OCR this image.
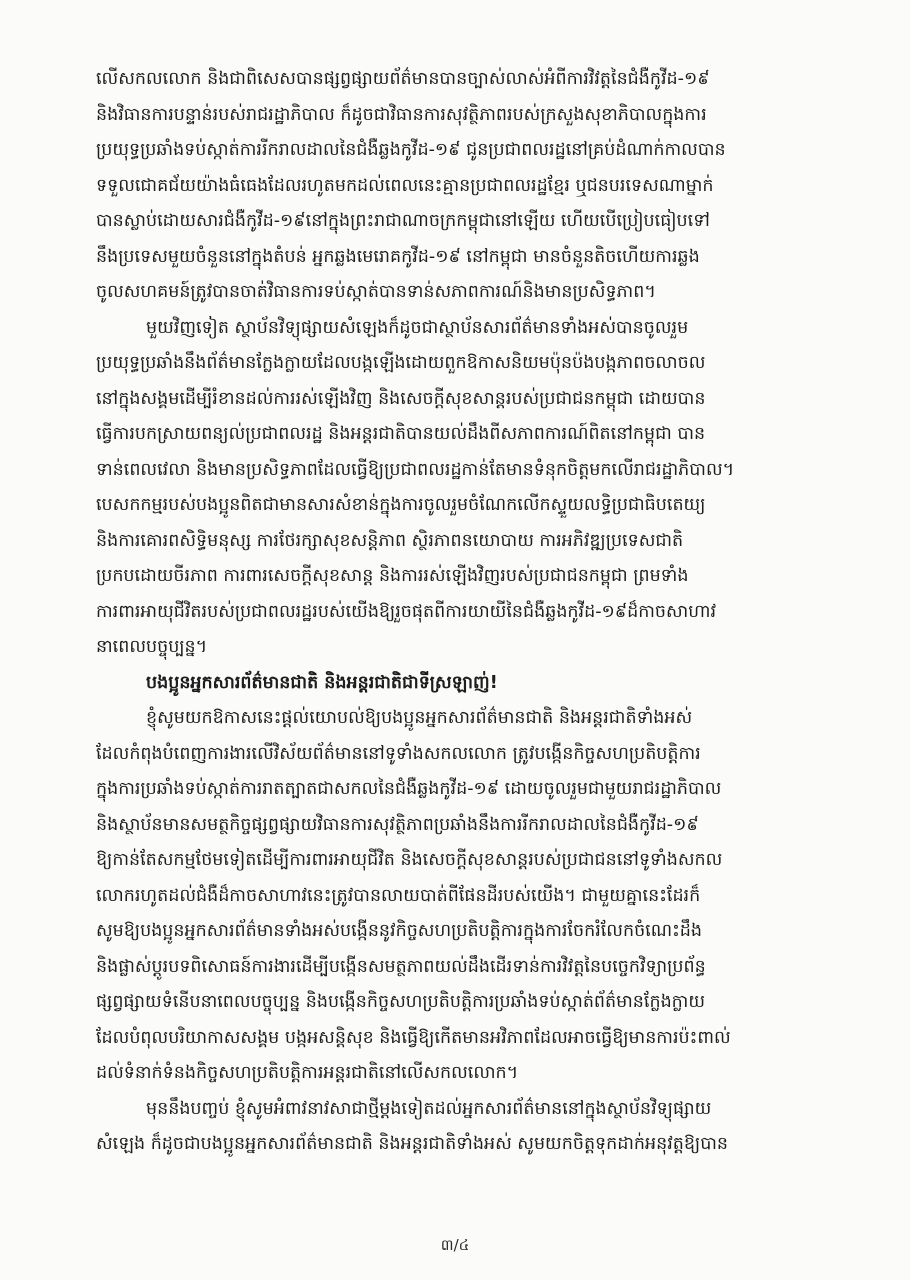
លើសកលលោក និងជាពិសេសបានផ្សព្វផ្សាយព័ត៌មានបានច្បាស់លាស់អំពីការវិវត្តនៃជំងឺកូវីដ-១៩
និងវិធានការបន្ទាន់របស់រាជរដ្ឋាភិបាល ក៏ដូចជាវិធានការសុវត្ថិភាពរបស់ក្រសួងសុខាភិបាលក្នុងការ
ប្រយុទ្ធប្រឆាំងទប់ស្កាត់ការរីករាលដាលនៃជំងឺឆ្លងកូវីដ-១៩ ជូនប្រជាពលរដ្ឋនៅគ្រប់ដំណាក់កាលបាន
ទទួលជោគជ័យយ៉ាងធំធេងដែលរហូតមកដល់ពេលនេះគ្មានប្រជាពលរដ្ឋខ្មែរ ឬជនបរទេសណាម្នាក់
បានស្លាប់ដោយសារជំងឺកូវីដ-១៩នៅក្នុងព្រះរាជាណាចក្រកម្ពុជានៅឡើយ ហើយបើប្រៀបធៀបទៅ
នឹងប្រទេសមួយចំនួននៅក្នុងតំបន់ អ្នកឆ្លងមេរោគកូវីដ-១៩ នៅកម្ពុជា មានចំនួនតិចហើយការឆ្លង
ចូលសហគមន៍ត្រូវបានចាត់វិធានការទប់ស្កាត់បានទាន់សភាពការណ៍និងមានប្រសិទ្ធភាព។
មួយវិញទៀត ស្ថាប័នវិទ្យុផ្សាយសំឡេងក៏ដូចជាស្ថាប័នសារព័ត៌មានទាំងអស់បានចូលរួម
ប្រយុទ្ធប្រឆាំងនឹងព័ត៌មានក្លែងក្លាយដែលបង្កឡើងដោយពួកឱកាសនិយមប៉ុនប៉ងបង្កភាពចលាចល
នៅក្នុងសង្គមដើម្បីរំខានដល់ការរស់ឡើងវិញ និងសេចក្តីសុខសាន្តរបស់ប្រជាជនកម្ពុជា ដោយបាន
ធ្វើការបកស្រាយពន្យល់ប្រជាពលរដ្ឋ និងអន្តរជាតិបានយល់ដឹងពីសភាពការណ៍ពិតនៅកម្ពុជា បាន
ទាន់ពេលវេលា និងមានប្រសិទ្ធភាពដែលធ្វើឱ្យប្រជាពលរដ្ឋកាន់តែមានទំនុកចិត្តមកលើរាជរដ្ឋាភិបាល។
បេសកកម្មរបស់បងប្អូនពិតជាមានសារសំខាន់ក្នុងការចូលរួមចំណែកលើកស្ទួយលទ្ធិប្រជាធិបតេយ្យ
និងការគោរពសិទ្ធិមនុស្ស ការថែរក្សាសុខសន្តិភាព ស្ថិរភាពនយោបាយ ការអភិវឌ្ឍប្រទេសជាតិ
ប្រកបដោយចីរភាព ការពារសេចក្តីសុខសាន្ត និងការរស់ឡើងវិញរបស់ប្រជាជនកម្ពុជា ព្រមទាំង
ការពារអាយុជីវិតរបស់ប្រជាពលរដ្ឋរបស់យើងឱ្យរួចផុតពីការយាយីនៃជំងឺឆ្លងកូវីដ-១៩ដ៏កាចសាហាវ
នាពេលបច្ចុប្បន្ន។
បងប្អូនអ្នកសារព័ត៌មានជាតិ និងអន្តរជាតិជាទីស្រឡាញ់!
ខ្ញុំសូមយកឱកាសនេះផ្តល់យោបល់ឱ្យបងប្អូនអ្នកសារព័ត៌មានជាតិ និងអន្តរជាតិទាំងអស់
ដែលកំពុងបំពេញការងារលើវិស័យព័ត៌មាននៅទូទាំងសកលលោក ត្រូវបង្កើនកិច្ចសហប្រតិបត្តិការ
ក្នុងការប្រឆាំងទប់ស្កាត់ការរាតត្បាតជាសកលនៃជំងឺឆ្លងកូវីដ-១៩ ដោយចូលរួមជាមួយរាជរដ្ឋាភិបាល
និងស្ថាប័នមានសមត្ថកិច្ចផ្សព្វផ្សាយវិធានការសុវត្ថិភាពប្រឆាំងនឹងការរីករាលដាលនៃជំងឺកូវីដ-១៩
ឱ្យកាន់តែសកម្មថែមទៀតដើម្បីការពារអាយុជីវិត និងសេចក្តីសុខសាន្តរបស់ប្រជាជននៅទូទាំងសកល
លោករហូតដល់ជំងឺដ៏កាចសាហាវនេះត្រូវបានលាយបាត់ពីផែនដីរបស់យើង។ ជាមួយគ្នានេះដែរក៏
សូមឱ្យបងប្អូនអ្នកសារព័ត៌មានទាំងអស់បង្កើននូវកិច្ចសហប្រតិបត្តិការក្នុងការចែករំលែកចំណេះដឹង
និងផ្លាស់ប្តូរបទពិសោធន៍ការងារដើម្បីបង្កើនសមត្ថភាពយល់ដឹងដើរទាន់ការវិវត្តនៃបច្ចេកវិទ្យាប្រព័ន្ធ
ផ្សព្វផ្សាយទំនើបនាពេលបច្ចុប្បន្ន និងបង្កើនកិច្ចសហប្រតិបត្តិការប្រឆាំងទប់ស្កាត់ព័ត៌មានក្លែងក្លាយ
ដែលបំពុលបរិយាកាសសង្គម បង្កអសន្តិសុខ និងធ្វើឱ្យកើតមានអវិភាពដែលអាចធ្វើឱ្យមានការប៉ះពាល់
ដល់ទំនាក់ទំនងកិច្ចសហប្រតិបត្តិការអន្តរជាតិនៅលើសកលលោក។
មុននឹងបញ្ចប់ ខ្ញុំសូមអំពាវនាវសាជាថ្មីម្តងទៀតដល់អ្នកសារព័ត៌មាននៅក្នុងស្ថាប័នវិទ្យុផ្សាយ
សំឡេង ក៏ដូចជាបងប្អូនអ្នកសារព័ត៌មានជាតិ និងអន្តរជាតិទាំងអស់ សូមយកចិត្តទុកដាក់អនុវត្តឱ្យបាន
៣/៤
